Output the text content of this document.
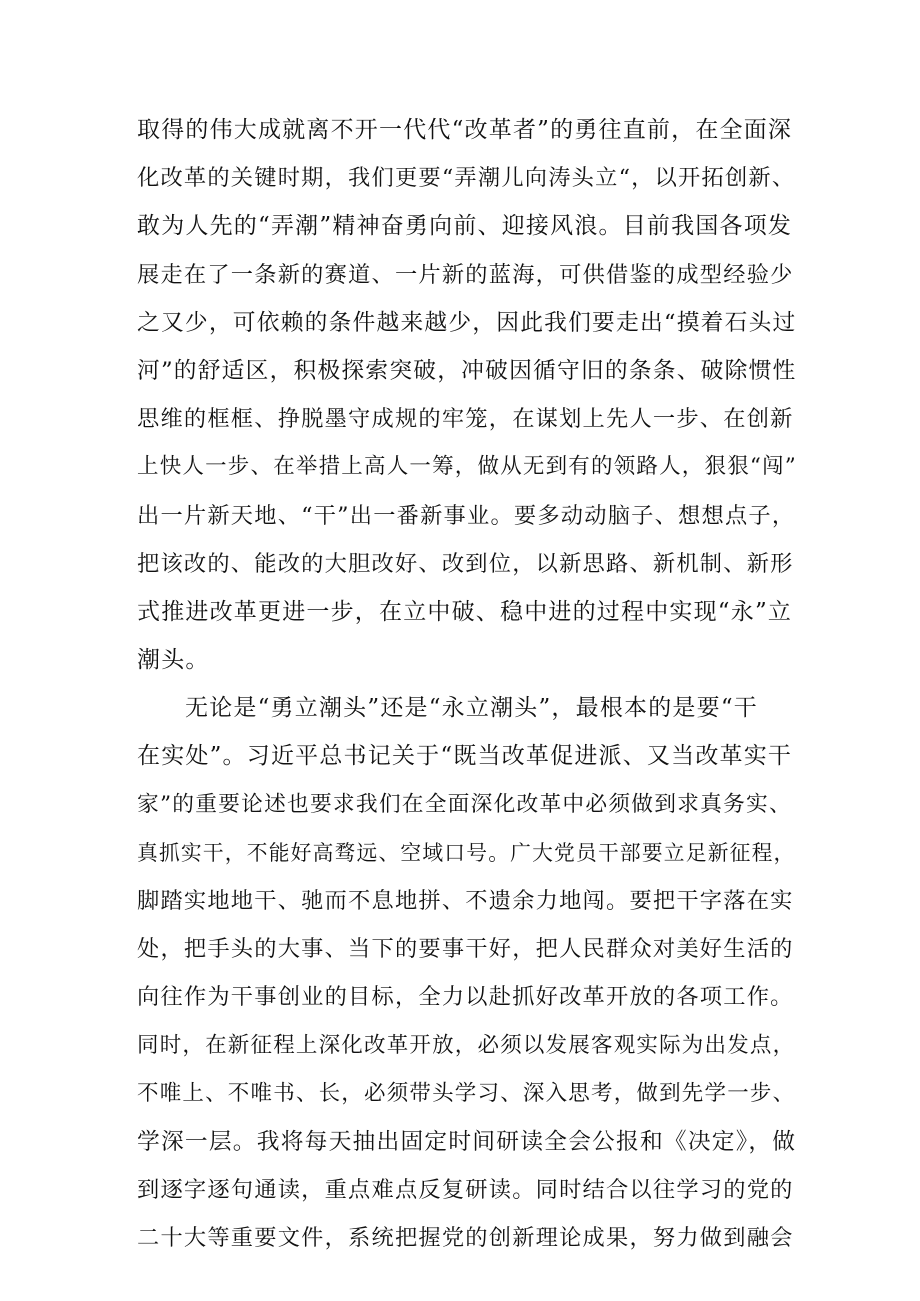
取得的伟大成就离不开一代代“改革者”的勇往直前，在全面深
化改革的关键时期，我们更要“弄潮儿向涛头立“，以开拓创新、
敢为人先的“弄潮”精神奋勇向前、迎接风浪。目前我国各项发
展走在了一条新的赛道、一片新的蓝海，可供借鉴的成型经验少
之又少，可依赖的条件越来越少，因此我们要走出“摸着石头过
河”的舒适区，积极探索突破，冲破因循守旧的条条、破除惯性
思维的框框、挣脱墨守成规的牢笼，在谋划上先人一步、在创新
上快人一步、在举措上高人一筹，做从无到有的领路人，狠狠“闯”
出一片新天地、“干”出一番新事业。要多动动脑子、想想点子，
把该改的、能改的大胆改好、改到位，以新思路、新机制、新形
式推进改革更进一步，在立中破、稳中进的过程中实现“永”立
潮头。
无论是“勇立潮头”还是“永立潮头”，最根本的是要“干
在实处”。习近平总书记关于“既当改革促进派、又当改革实干
家”的重要论述也要求我们在全面深化改革中必须做到求真务实、
真抓实干，不能好高骛远、空域口号。广大党员干部要立足新征程，
脚踏实地地干、驰而不息地拼、不遗余力地闯。要把干字落在实
处，把手头的大事、当下的要事干好，把人民群众对美好生活的
向往作为干事创业的目标，全力以赴抓好改革开放的各项工作。
同时，在新征程上深化改革开放，必须以发展客观实际为出发点，
不唯上、不唯书、长，必须带头学习、深入思考，做到先学一步、
学深一层。我将每天抽出固定时间研读全会公报和《决定》，做
到逐字逐句通读，重点难点反复研读。同时结合以往学习的党的
二十大等重要文件，系统把握党的创新理论成果，努力做到融会
